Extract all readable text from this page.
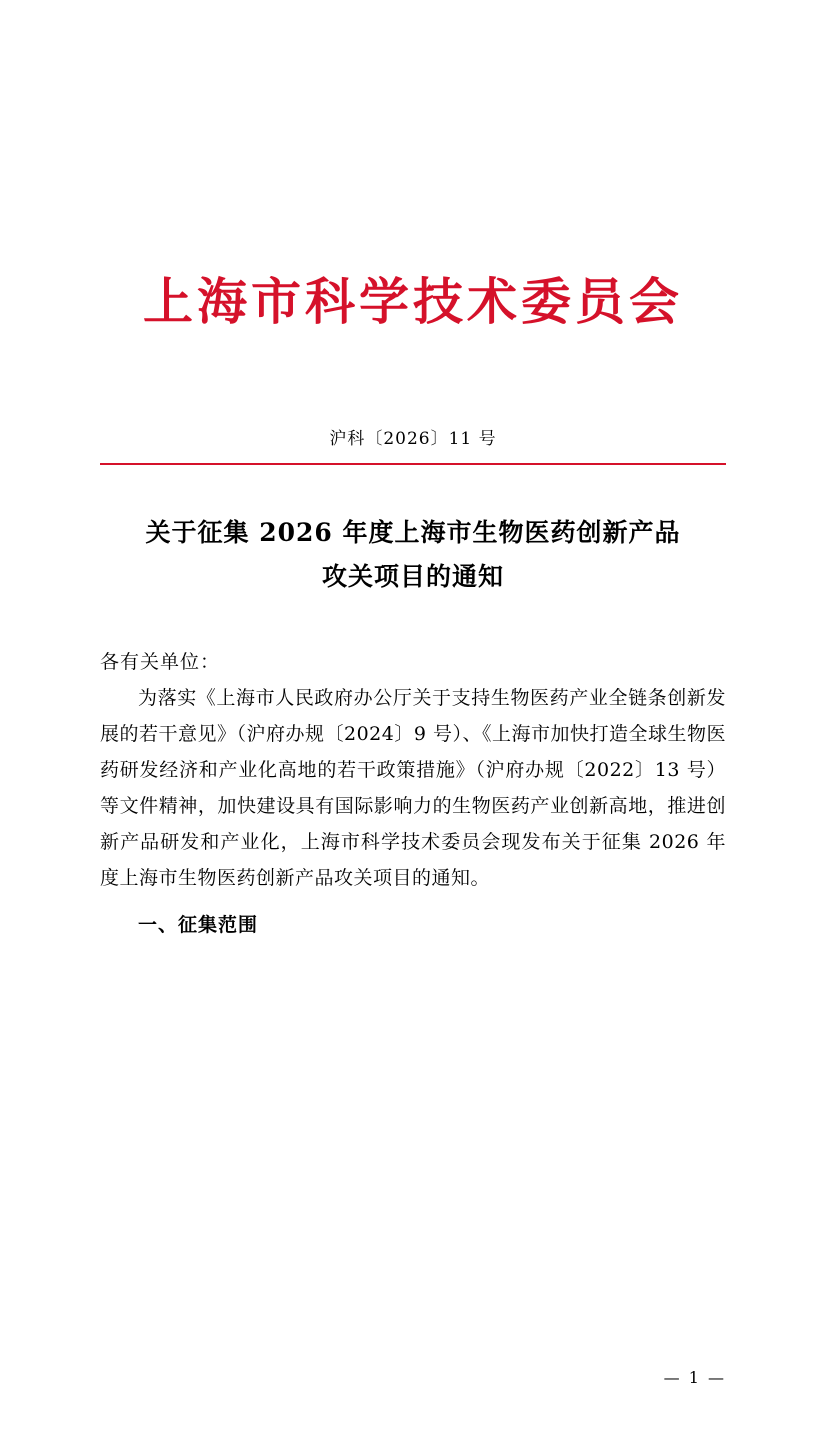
上海市科学技术委员会
沪科〔2026〕11 号
关于征集 2026 年度上海市生物医药创新产品
攻关项目的通知
各有关单位：

为落实《上海市人民政府办公厅关于支持生物医药产业全链条创新发展的若干意见》（沪府办规〔2024〕9 号）、《上海市加快打造全球生物医药研发经济和产业化高地的若干政策措施》（沪府办规〔2022〕13 号）等文件精神，加快建设具有国际影响力的生物医药产业创新高地，推进创新产品研发和产业化，上海市科学技术委员会现发布关于征集 2026 年度上海市生物医药创新产品攻关项目的通知。

一、征集范围
— 1 —
